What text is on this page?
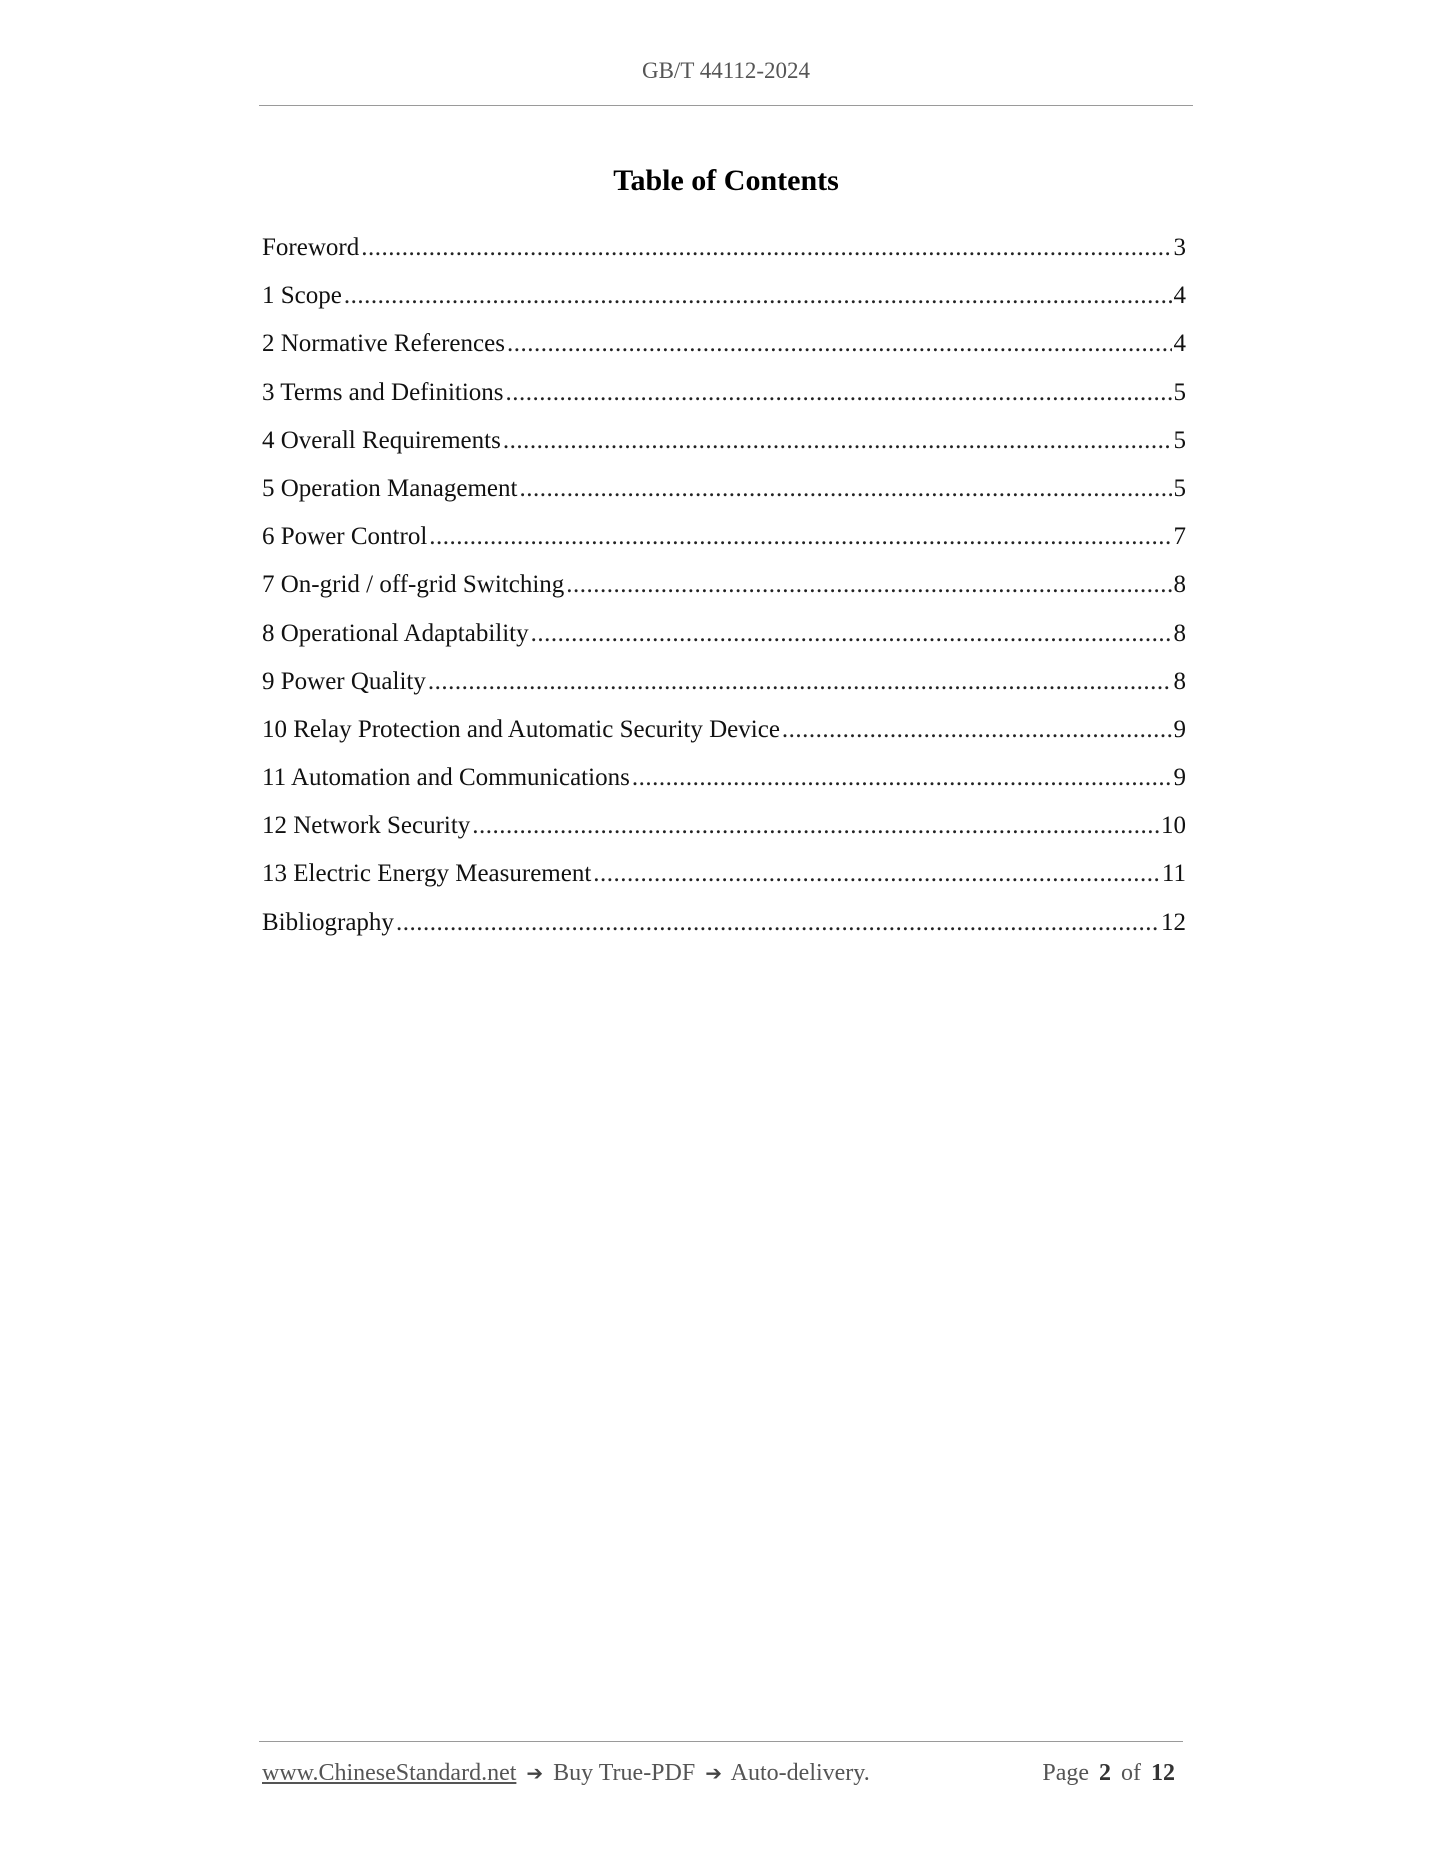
GB/T 44112-2024
Table of Contents
Foreword .....	3
1 Scope .....	4
2 Normative References .....	4
3 Terms and Definitions .....	5
4 Overall Requirements .....	5
5 Operation Management .....	5
6 Power Control .....	7
7 On-grid / off-grid Switching .....	8
8 Operational Adaptability .....	8
9 Power Quality .....	8
10 Relay Protection and Automatic Security Device .....	9
11 Automation and Communications .....	9
12 Network Security .....	10
13 Electric Energy Measurement .....	11
Bibliography .....	12
www.ChineseStandard.net ➔ Buy True-PDF ➔ Auto-delivery.	Page 2 of 12
